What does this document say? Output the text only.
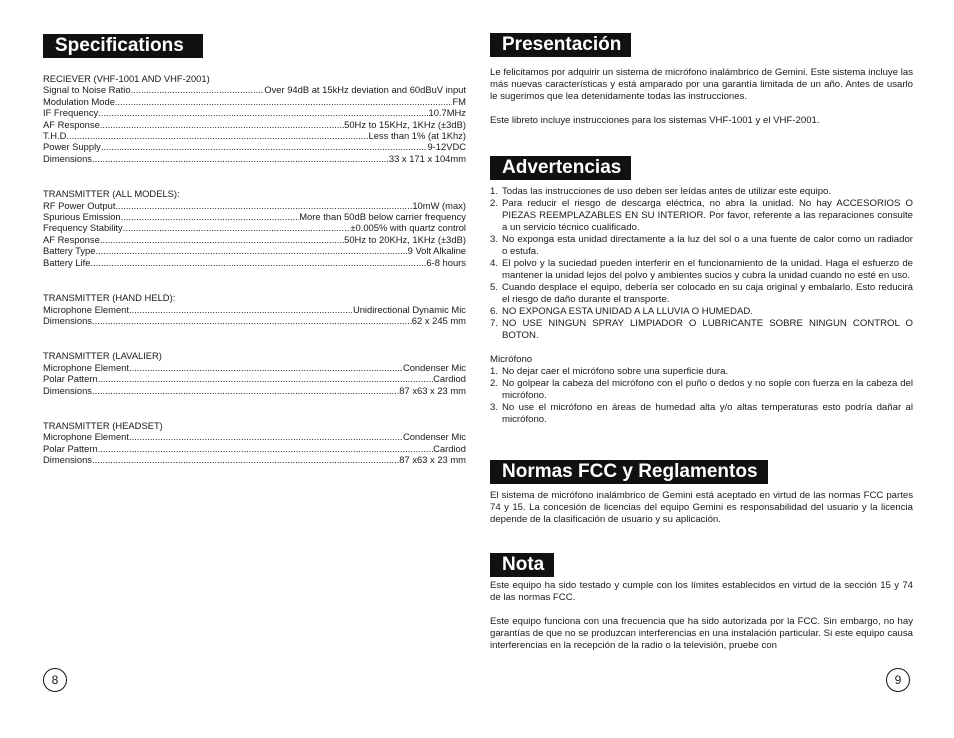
Specifications
RECIEVER (VHF-1001 AND VHF-2001)
Signal to Noise Ratio .....	Over 94dB at 15kHz deviation and 60dBuV input
Modulation Mode .....	FM
IF Frequency .....	10.7MHz
AF Response .....	50Hz to 15KHz, 1KHz (±3dB)
T.H.D. .....	Less than 1% (at 1Khz)
Power Supply .....	9-12VDC
Dimensions .....	33 x 171 x 104mm
TRANSMITTER (ALL MODELS):
RF Power Output .....	10mW (max)
Spurious Emission .....	More than 50dB below carrier frequency
Frequency Stability .....	±0.005% with quartz control
AF Response .....	50Hz to 20KHz, 1KHz (±3dB)
Battery Type .....	9 Volt Alkaline
Battery Life .....	6-8 hours
TRANSMITTER (HAND HELD):
Microphone Element .....	Unidirectional Dynamic Mic
Dimensions .....	62 x 245 mm
TRANSMITTER (LAVALIER)
Microphone Element .....	Condenser Mic
Polar Pattern .....	Cardiod
Dimensions .....	87 x63 x 23 mm
TRANSMITTER (HEADSET)
Microphone Element .....	Condenser Mic
Polar Pattern .....	Cardiod
Dimensions .....	87 x63 x 23 mm
8
Presentación

Le felicitamos por adquirir un sistema de micrófono inalámbrico de Gemini. Este sistema incluye las más nuevas características y está amparado por una garantía limitada de un año. Antes de usarlo le sugerimos que lea detenidamente todas las instrucciones.

Este libreto incluye instrucciones para los sistemas VHF-1001 y el VHF-2001.

Advertencias
1. Todas las instrucciones de uso deben ser leídas antes de utilizar este equipo.
2. Para reducir el riesgo de descarga eléctrica, no abra la unidad. No hay ACCESORIOS O PIEZAS REEMPLAZABLES EN SU INTERIOR. Por favor, referente a las reparaciones consulte a un servicio técnico cualificado.
3. No exponga esta unidad directamente a la luz del sol o a una fuente de calor como un radiador o estufa.
4. El polvo y la suciedad pueden interferir en el funcionamiento de la unidad. Haga el esfuerzo de mantener la unidad lejos del polvo y ambientes sucios y cubra la unidad cuando no esté en uso.
5. Cuando desplace el equipo, debería ser colocado en su caja original y embalarlo. Esto reducirá el riesgo de daño durante el transporte.
6. NO EXPONGA ESTA UNIDAD A LA LLUVIA O HUMEDAD.
7. NO USE NINGUN SPRAY LIMPIADOR O LUBRICANTE SOBRE NINGUN CONTROL O BOTON.

Micrófono

1. No dejar caer el micrófono sobre una superficie dura.
2. No golpear la cabeza del micrófono con el puño o dedos y no sople con fuerza en la cabeza del micrófono.
3. No use el micrófono en áreas de humedad alta y/o altas temperaturas esto podría dañar al micrófono.
Normas FCC y Reglamentos

El sistema de micrófono inalámbrico de Gemini está aceptado en virtud de las normas FCC partes 74 y 15. La concesión de licencias del equipo Gemini es responsabilidad del usuario y la licencia depende de la clasificación de usuario y su aplicación.

Nota

Este equipo ha sido testado y cumple con los límites establecidos en virtud de la sección 15 y 74 de las normas FCC.

Este equipo funciona con una frecuencia que ha sido autorizada por la FCC. Sin embargo, no hay garantías de que no se produzcan interferencias en una instalación particular. Si este equipo causa interferencias en la recepción de la radio o la televisión, pruebe con

9
